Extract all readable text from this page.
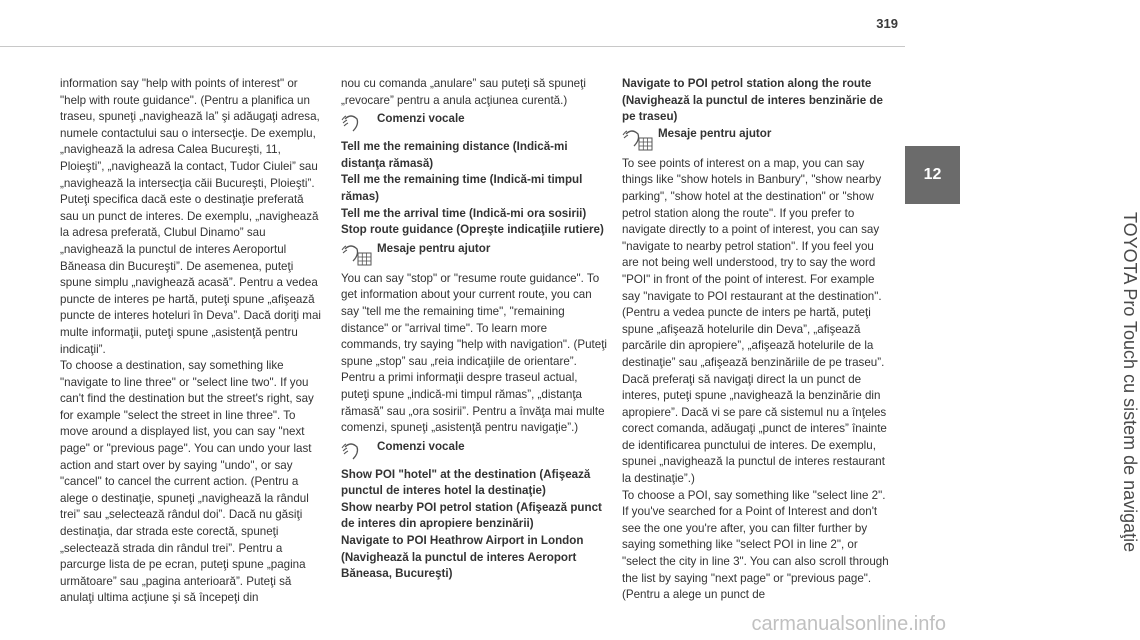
319
12
TOYOTA Pro Touch cu sistem de navigaţie

information say "help with points of interest" or "help with route guidance". (Pentru a planifica un traseu, spuneţi „navighează la” şi adăugaţi adresa, numele contactului sau o intersecţie. De exemplu, „navighează la adresa Calea Bucureşti, 11, Ploieşti”, „navighează la contact, Tudor Ciulei” sau „navighează la intersecţia căii Bucureşti, Ploieşti”. Puteţi specifica dacă este o destinaţie preferată sau un punct de interes. De exemplu, „navighează la adresa preferată, Clubul Dinamo” sau „navighează la punctul de interes Aeroportul Băneasa din Bucureşti”. De asemenea, puteţi spune simplu „navighează acasă”. Pentru a vedea puncte de interes pe hartă, puteţi spune „afişează puncte de interes hoteluri în Deva”. Dacă doriţi mai multe informaţii, puteţi spune „asistenţă pentru indicaţii”.

To choose a destination, say something like "navigate to line three" or "select line two". If you can't find the destination but the street's right, say for example "select the street in line three". To move around a displayed list, you can say "next page" or "previous page". You can undo your last action and start over by saying "undo", or say "cancel" to cancel the current action. (Pentru a alege o destinaţie, spuneţi „navighează la rândul trei” sau „selectează rândul doi”. Dacă nu găsiţi destinaţia, dar strada este corectă, spuneţi „selectează strada din rândul trei”. Pentru a parcurge lista de pe ecran, puteţi spune „pagina următoare” sau „pagina anterioară”. Puteţi să anulaţi ultima acţiune şi să începeţi din

nou cu comanda „anulare” sau puteţi să spuneţi „revocare” pentru a anula acţiunea curentă.)

Comenzi vocale

Tell me the remaining distance (Indică-mi distanţa rămasă)

Tell me the remaining time (Indică-mi timpul rămas)

Tell me the arrival time (Indică-mi ora sosirii)

Stop route guidance (Opreşte indicaţiile rutiere)

Mesaje pentru ajutor

You can say "stop" or "resume route guidance". To get information about your current route, you can say "tell me the remaining time", "remaining distance" or "arrival time". To learn more commands, try saying "help with navigation". (Puteţi spune „stop” sau „reia indicaţiile de orientare”. Pentru a primi informaţii despre traseul actual, puteţi spune „indică-mi timpul rămas”, „distanţa rămasă” sau „ora sosirii”. Pentru a învăţa mai multe comenzi, spuneţi „asistenţă pentru navigaţie”.)

Comenzi vocale

Show POI "hotel" at the destination (Afişează punctul de interes hotel la destinaţie)

Show nearby POI petrol station (Afişează punct de interes din apropiere benzinării)

Navigate to POI Heathrow Airport in London (Navighează la punctul de interes Aeroport Băneasa, Bucureşti)

Navigate to POI petrol station along the route (Navighează la punctul de interes benzinărie de pe traseu)

Mesaje pentru ajutor

To see points of interest on a map, you can say things like "show hotels in Banbury", "show nearby parking", "show hotel at the destination" or "show petrol station along the route". If you prefer to navigate directly to a point of interest, you can say "navigate to nearby petrol station". If you feel you are not being well understood, try to say the word "POI" in front of the point of interest. For example say "navigate to POI restaurant at the destination". (Pentru a vedea puncte de inters pe hartă, puteţi spune „afişează hotelurile din Deva”, „afişează parcările din apropiere”, „afişează hotelurile de la destinaţie” sau „afişează benzinăriile de pe traseu”. Dacă preferaţi să navigaţi direct la un punct de interes, puteţi spune „navighează la benzinărie din apropiere”. Dacă vi se pare că sistemul nu a înţeles corect comanda, adăugaţi „punct de interes” înainte de identificarea punctului de interes. De exemplu, spunei „navighează la punctul de interes restaurant la destinaţie”.)

To choose a POI, say something like "select line 2". If you've searched for a Point of Interest and don't see the one you're after, you can filter further by saying something like "select POI in line 2", or "select the city in line 3". You can also scroll through the list by saying "next page" or "previous page". (Pentru a alege un punct de

carmanualsonline.info
